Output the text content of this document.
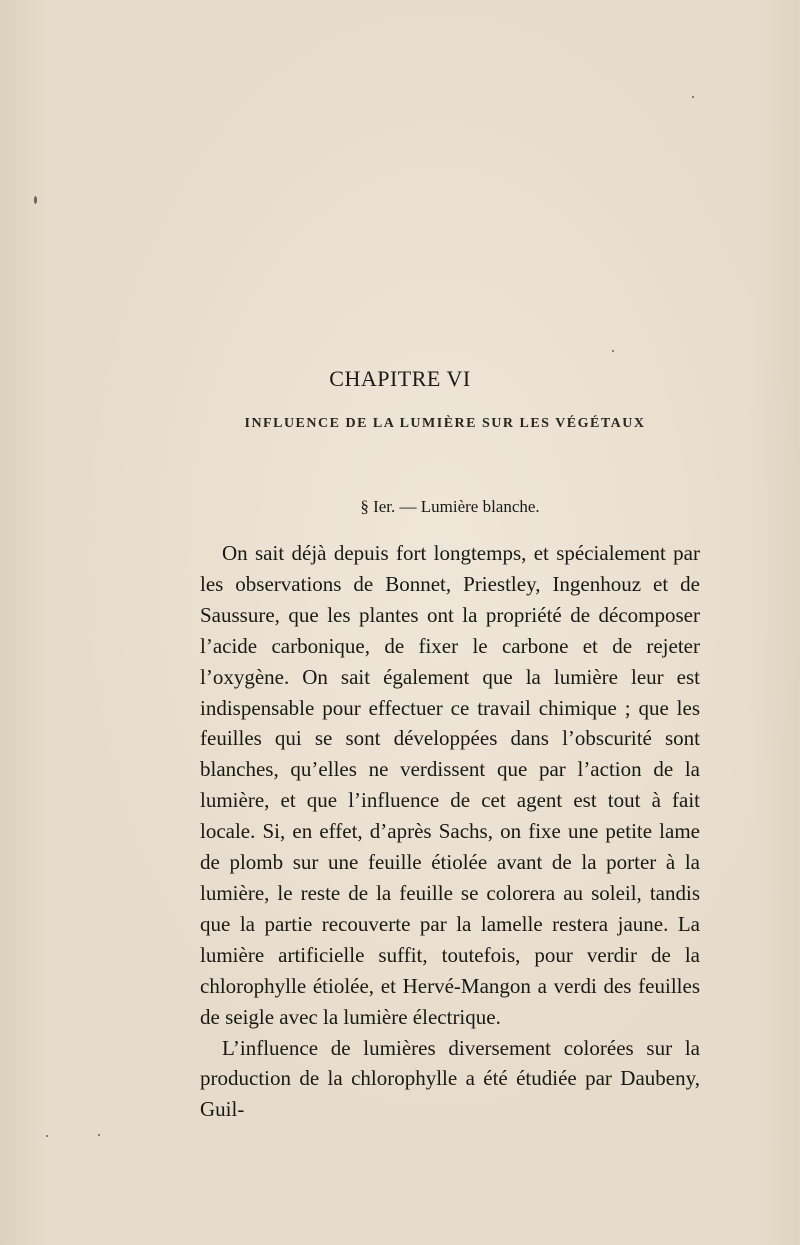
CHAPITRE VI
INFLUENCE DE LA LUMIÈRE SUR LES VÉGÉTAUX
§ Ier. — Lumière blanche.

On sait déjà depuis fort longtemps, et spécialement par les observations de Bonnet, Priestley, Ingenhouz et de Saussure, que les plantes ont la propriété de décomposer l’acide carbonique, de fixer le carbone et de rejeter l’oxygène. On sait également que la lumière leur est indispensable pour effectuer ce travail chimique ; que les feuilles qui se sont développées dans l’obscurité sont blanches, qu’elles ne verdissent que par l’action de la lumière, et que l’influence de cet agent est tout à fait locale. Si, en effet, d’après Sachs, on fixe une petite lame de plomb sur une feuille étiolée avant de la porter à la lumière, le reste de la feuille se colorera au soleil, tandis que la partie recouverte par la lamelle restera jaune. La lumière artificielle suffit, toutefois, pour verdir de la chlorophylle étiolée, et Hervé-Mangon a verdi des feuilles de seigle avec la lumière électrique.

L’influence de lumières diversement colorées sur la production de la chlorophylle a été étudiée par Daubeny, Guil-
